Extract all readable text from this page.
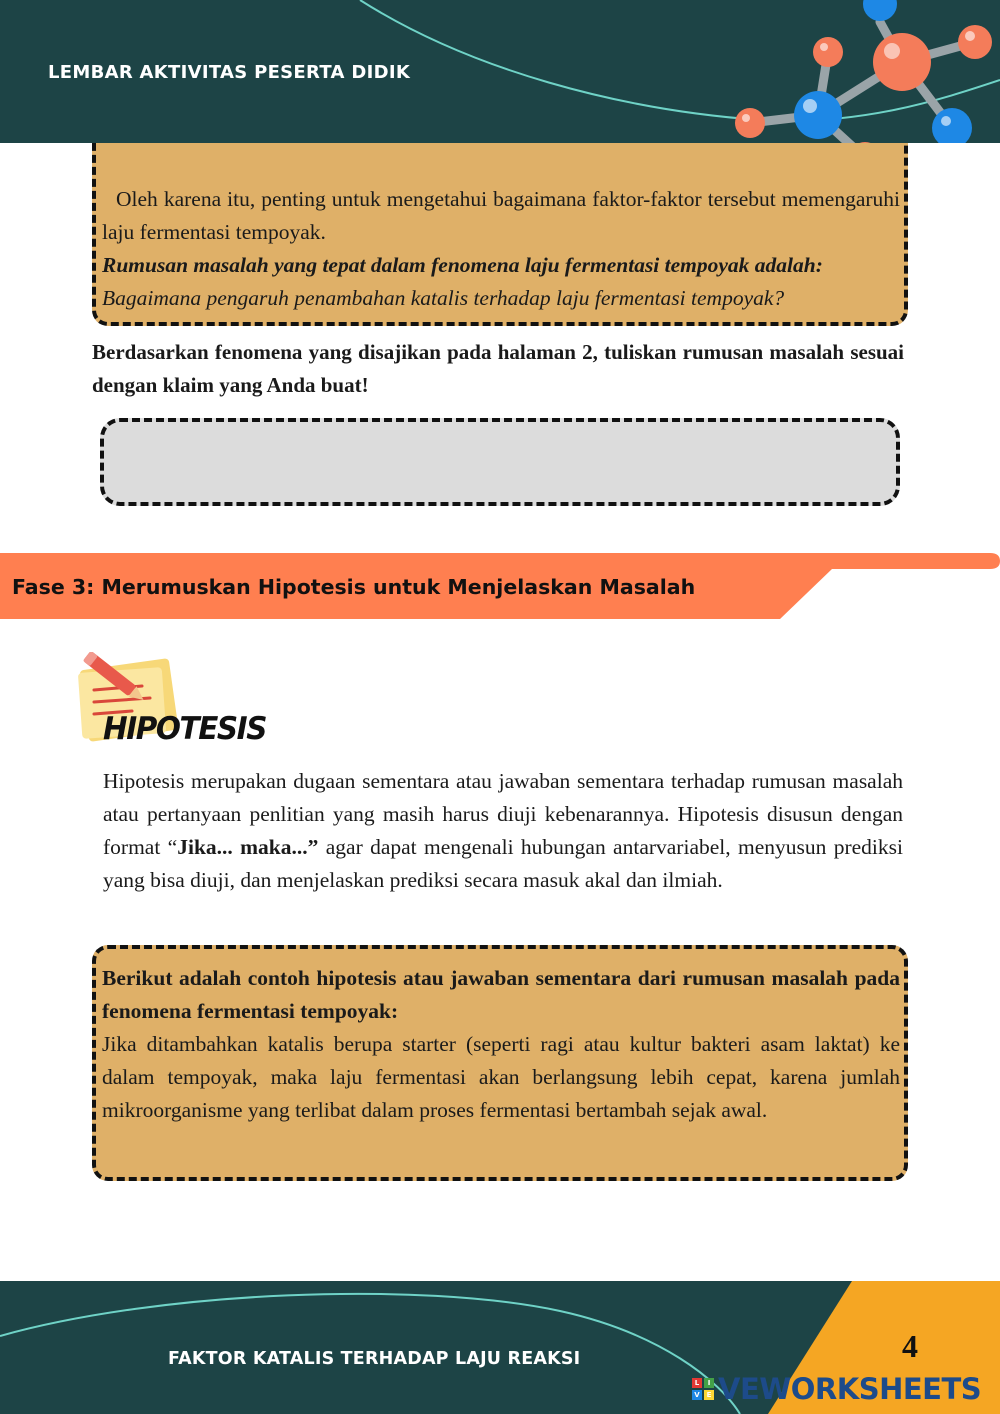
Oleh karena itu, penting untuk mengetahui bagaimana faktor-faktor tersebut memengaruhi laju fermentasi tempoyak.

Rumusan masalah yang tepat dalam fenomena laju fermentasi tempoyak adalah:

Bagaimana pengaruh penambahan katalis terhadap laju fermentasi tempoyak?

LEMBAR AKTIVITAS PESERTA DIDIK
Berdasarkan fenomena yang disajikan pada halaman 2, tuliskan rumusan masalah sesuai dengan klaim yang Anda buat!
Fase 3: Merumuskan Hipotesis untuk Menjelaskan Masalah
HIPOTESIS
Hipotesis merupakan dugaan sementara atau jawaban sementara terhadap rumusan masalah atau pertanyaan penlitian yang masih harus diuji kebenarannya. Hipotesis disusun dengan format “Jika... maka...” agar dapat mengenali hubungan antarvariabel, menyusun prediksi yang bisa diuji, dan menjelaskan prediksi secara masuk akal dan ilmiah.

Berikut adalah contoh hipotesis atau jawaban sementara dari rumusan masalah pada fenomena fermentasi tempoyak:

Jika ditambahkan katalis berupa starter (seperti ragi atau kultur bakteri asam laktat) ke dalam tempoyak, maka laju fermentasi akan berlangsung lebih cepat, karena jumlah mikroorganisme yang terlibat dalam proses fermentasi bertambah sejak awal.

FAKTOR KATALIS TERHADAP LAJU REAKSI	4
L	I
V E VEWORKSHEETS
